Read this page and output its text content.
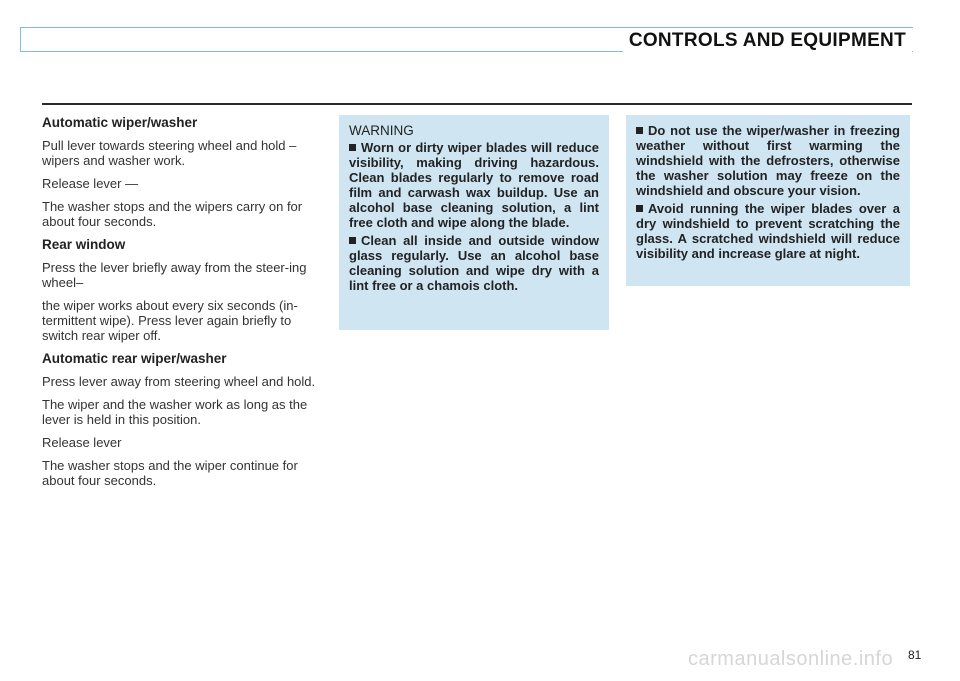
CONTROLS AND EQUIPMENT
Automatic wiper/washer

Pull lever towards steering wheel and hold – wipers and washer work.

Release lever —

The washer stops and the wipers carry on for about four seconds.

Rear window

Press the lever briefly away from the steer-ing wheel–

the wiper works about every six seconds (in-termittent wipe). Press lever again briefly to switch rear wiper off.

Automatic rear wiper/washer

Press lever away from steering wheel and hold.

The wiper and the washer work as long as the lever is held in this position.

Release lever

The washer stops and the wiper continue for about four seconds.

WARNING
Worn or dirty wiper blades will reduce visibility, making driving hazardous. Clean blades regularly to remove road film and carwash wax buildup. Use an alcohol base cleaning solution, a lint free cloth and wipe along the blade.
Clean all inside and outside window glass regularly. Use an alcohol base cleaning solution and wipe dry with a lint free or a chamois cloth.
Do not use the wiper/washer in freezing weather without first warming the windshield with the defrosters, otherwise the washer solution may freeze on the windshield and obscure your vision.
Avoid running the wiper blades over a dry windshield to prevent scratching the glass. A scratched windshield will reduce visibility and increase glare at night.
carmanualsonline.info 81
